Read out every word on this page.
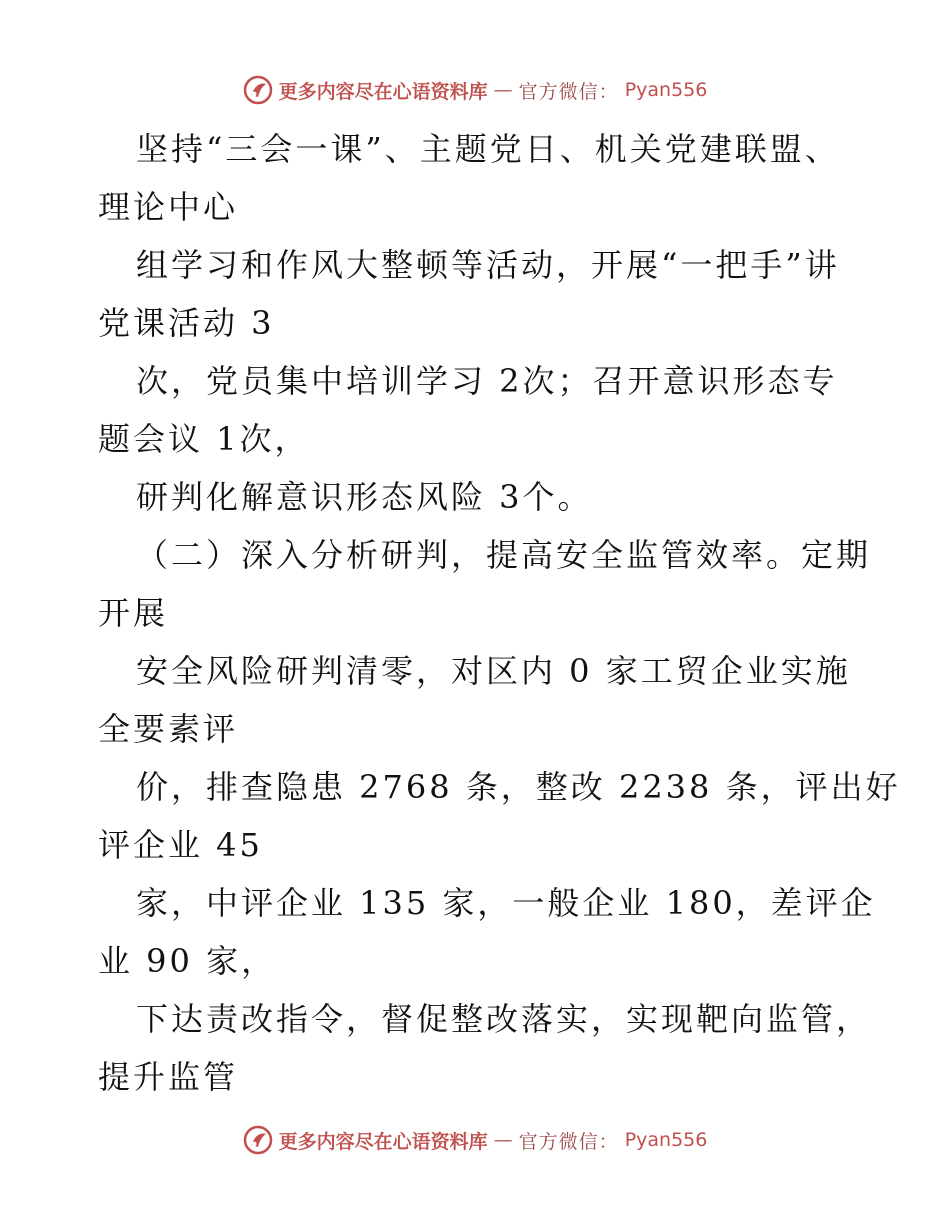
更多内容尽在心语资料库 — 官方微信： Pyan556
坚持“三会一课”、主题党日、机关党建联盟、
理论中心
组学习和作风大整顿等活动，开展“一把手”讲
党课活动 3
次，党员集中培训学习 2次；召开意识形态专
题会议 1次，
研判化解意识形态风险 3个。
（二）深入分析研判，提高安全监管效率。定期
开展
安全风险研判清零，对区内 0 家工贸企业实施
全要素评
价，排查隐患 2768 条，整改 2238 条，评出好
评企业 45
家，中评企业 135 家，一般企业 180，差评企
业 90 家，
下达责改指令，督促整改落实，实现靶向监管，
提升监管
更多内容尽在心语资料库 — 官方微信： Pyan556
